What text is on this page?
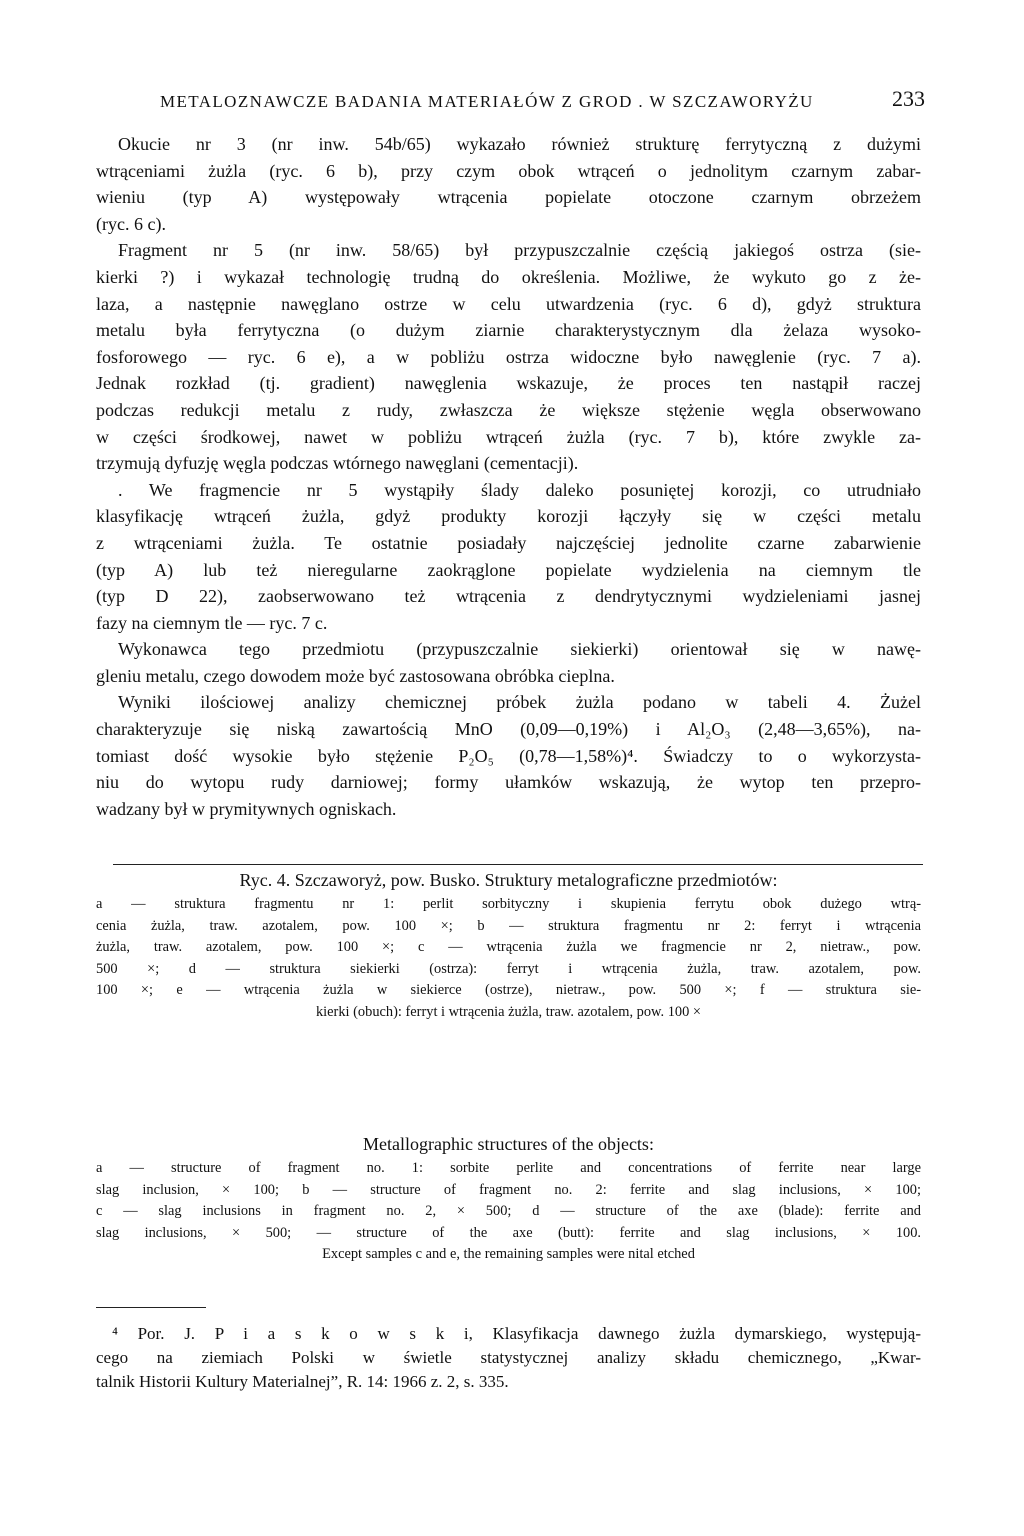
METALOZNAWCZE BADANIA MATERIAŁÓW Z GROD . W SZCZAWORYŻU	233
Okucie nr 3 (nr inw. 54b/65) wykazało również strukturę ferrytyczną z dużymi
wtrąceniami żużla (ryc. 6 b), przy czym obok wtrąceń o jednolitym czarnym zabar-
wieniu (typ A) występowały wtrącenia popielate otoczone czarnym obrzeżem
(ryc. 6 c).
Fragment nr 5 (nr inw. 58/65) był przypuszczalnie częścią jakiegoś ostrza (sie-
kierki ?) i wykazał technologię trudną do określenia. Możliwe, że wykuto go z że-
laza, a następnie nawęglano ostrze w celu utwardzenia (ryc. 6 d), gdyż struktura
metalu była ferrytyczna (o dużym ziarnie charakterystycznym dla żelaza wysoko-
fosforowego — ryc. 6 e), a w pobliżu ostrza widoczne było nawęglenie (ryc. 7 a).
Jednak rozkład (tj. gradient) nawęglenia wskazuje, że proces ten nastąpił raczej
podczas redukcji metalu z rudy, zwłaszcza że większe stężenie węgla obserwowano
w części środkowej, nawet w pobliżu wtrąceń żużla (ryc. 7 b), które zwykle za-
trzymują dyfuzję węgla podczas wtórnego nawęglani (cementacji).
. We fragmencie nr 5 wystąpiły ślady daleko posuniętej korozji, co utrudniało
klasyfikację wtrąceń żużla, gdyż produkty korozji łączyły się w części metalu
z wtrąceniami żużla. Te ostatnie posiadały najczęściej jednolite czarne zabarwienie
(typ A) lub też nieregularne zaokrąglone popielate wydzielenia na ciemnym tle
(typ D 22), zaobserwowano też wtrącenia z dendrytycznymi wydzieleniami jasnej
fazy na ciemnym tle — ryc. 7 c.
Wykonawca tego przedmiotu (przypuszczalnie siekierki) orientował się w nawę-
gleniu metalu, czego dowodem może być zastosowana obróbka cieplna.
Wyniki ilościowej analizy chemicznej próbek żużla podano w tabeli 4. Żużel
charakteryzuje się niską zawartością MnO (0,09—0,19%) i Al₂O₃ (2,48—3,65%), na-
tomiast dość wysokie było stężenie P₂O₅ (0,78—1,58%)⁴. Świadczy to o wykorzysta-
niu do wytopu rudy darniowej; formy ułamków wskazują, że wytop ten przepro-
wadzany był w prymitywnych ogniskach.
Ryc. 4. Szczaworyż, pow. Busko. Struktury metalograficzne przedmiotów:
a — struktura fragmentu nr 1: perlit sorbityczny i skupienia ferrytu obok dużego wtrą-
cenia żużla, traw. azotalem, pow. 100 ×; b — struktura fragmentu nr 2: ferryt i wtrącenia
żużla, traw. azotalem, pow. 100 ×; c — wtrącenia żużla we fragmencie nr 2, nietraw., pow.
500 ×; d — struktura siekierki (ostrza): ferryt i wtrącenia żużla, traw. azotalem, pow.
100 ×; e — wtrącenia żużla w siekierce (ostrze), nietraw., pow. 500 ×; f — struktura sie-
kierki (obuch): ferryt i wtrącenia żużla, traw. azotalem, pow. 100 ×
Metallographic structures of the objects:
a — structure of fragment no. 1: sorbite perlite and concentrations of ferrite near large
slag inclusion, × 100; b — structure of fragment no. 2: ferrite and slag inclusions, × 100;
c — slag inclusions in fragment no. 2, × 500; d — structure of the axe (blade): ferrite and
slag inclusions, × 500; — structure of the axe (butt): ferrite and slag inclusions, × 100.
Except samples c and e, the remaining samples were nital etched
⁴ Por. J. P i a s k o w s k i, Klasyfikacja dawnego żużla dymarskiego, występują-
cego na ziemiach Polski w świetle statystycznej analizy składu chemicznego, „Kwar-
talnik Historii Kultury Materialnej”, R. 14: 1966 z. 2, s. 335.
